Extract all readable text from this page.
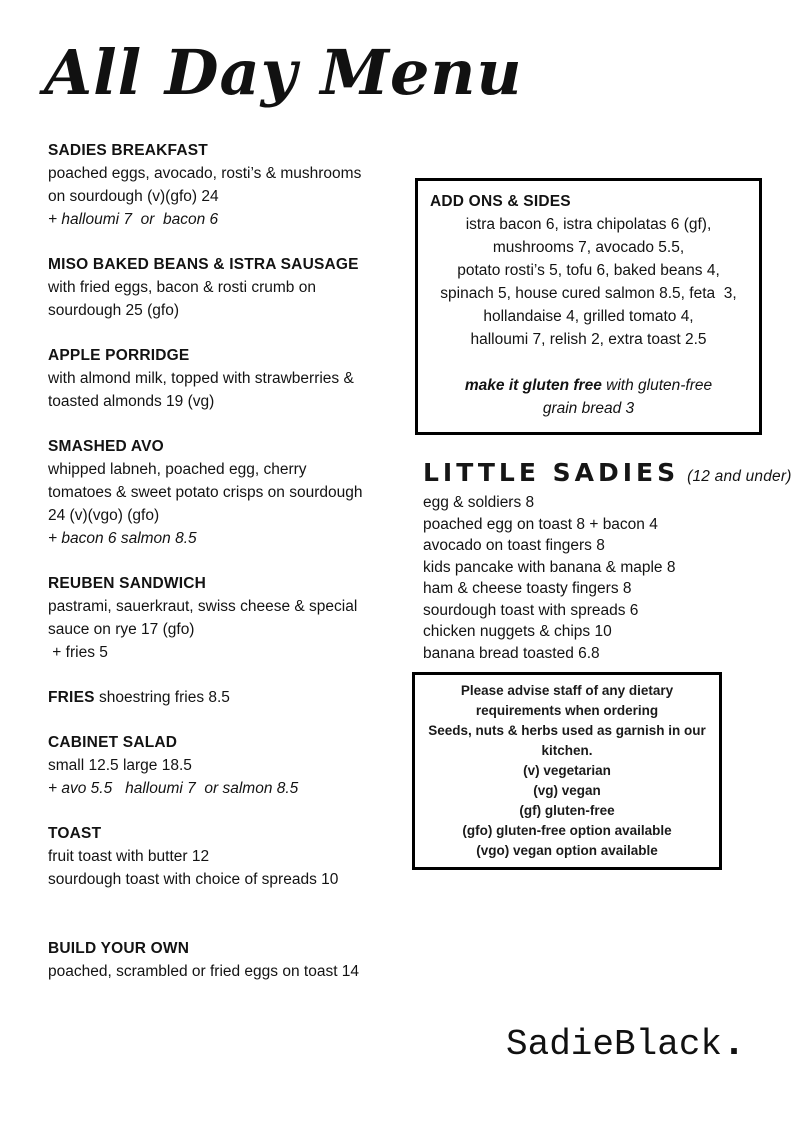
All Day Menu
SADIES BREAKFAST
poached eggs, avocado, rosti’s & mushrooms
on sourdough (v)(gfo) 24
+ halloumi 7  or  bacon 6
MISO BAKED BEANS & ISTRA SAUSAGE
with fried eggs, bacon & rosti crumb on
sourdough 25 (gfo)
APPLE PORRIDGE
with almond milk, topped with strawberries &
toasted almonds 19 (vg)
SMASHED AVO
whipped labneh, poached egg, cherry
tomatoes & sweet potato crisps on sourdough
24 (v)(vgo) (gfo)
+ bacon 6 salmon 8.5
REUBEN SANDWICH
pastrami, sauerkraut, swiss cheese & special
sauce on rye 17 (gfo)
+ fries 5
FRIES shoestring fries 8.5
CABINET SALAD
small 12.5 large 18.5
+ avo 5.5   halloumi 7  or salmon 8.5
TOAST
fruit toast with butter 12
sourdough toast with choice of spreads 10
BUILD YOUR OWN
poached, scrambled or fried eggs on toast 14
ADD ONS & SIDES
istra bacon 6, istra chipolatas 6 (gf),
mushrooms 7, avocado 5.5,
potato rosti’s 5, tofu 6, baked beans 4,
spinach 5, house cured salmon 8.5, feta  3,
hollandaise 4, grilled tomato 4,
halloumi 7, relish 2, extra toast 2.5
make it gluten free with gluten-free
grain bread 3
LITTLE SADIES (12 and under)
egg & soldiers 8
poached egg on toast 8 + bacon 4
avocado on toast fingers 8
kids pancake with banana & maple 8
ham & cheese toasty fingers 8
sourdough toast with spreads 6
chicken nuggets & chips 10
banana bread toasted 6.8
Please advise staff of any dietary
requirements when ordering
Seeds, nuts & herbs used as garnish in our
kitchen.
(v) vegetarian
(vg) vegan
(gf) gluten-free
(gfo) gluten-free option available
(vgo) vegan option available
SadieBlack.
